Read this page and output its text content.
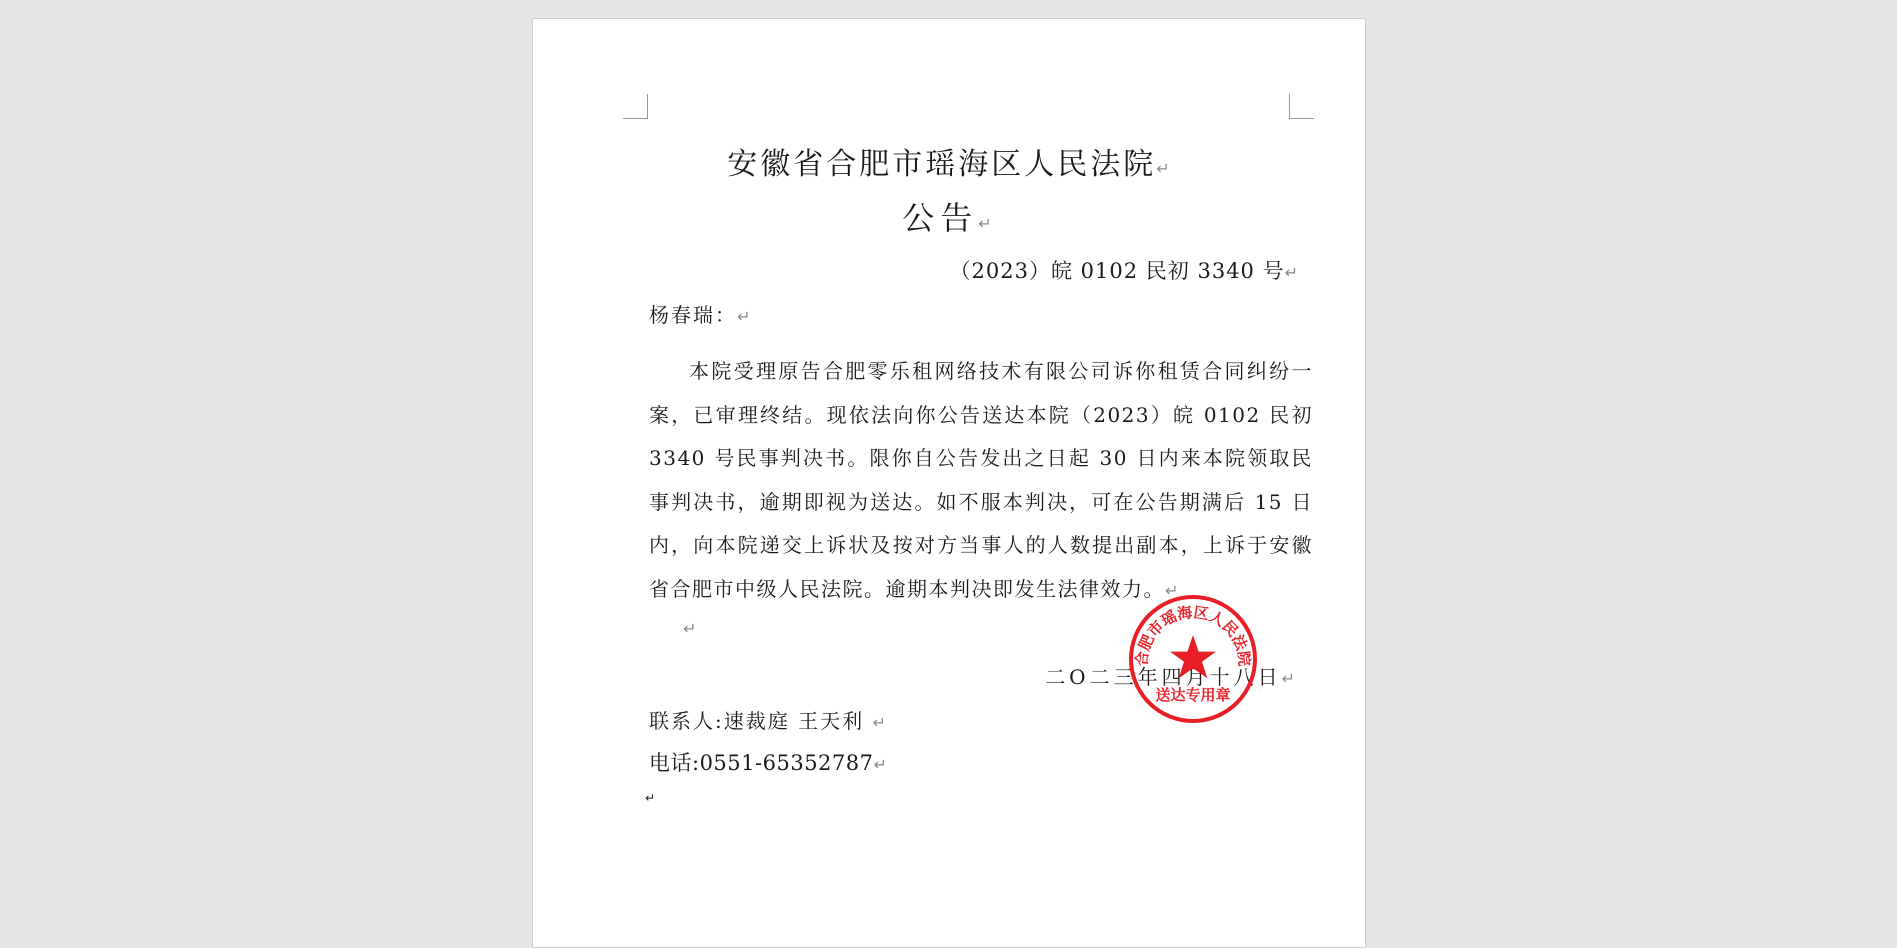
安徽省合肥市瑶海区人民法院↵
公告↵
（2023）皖 0102 民初 3340 号↵
杨春瑞：↵
本院受理原告合肥零乐租网络技术有限公司诉你租赁合同纠纷一案，已审理终结。现依法向你公告送达本院（2023）皖 0102 民初 3340 号民事判决书。限你自公告发出之日起 30 日内来本院领取民事判决书，逾期即视为送达。如不服本判决，可在公告期满后 15 日内，向本院递交上诉状及按对方当事人的人数提出副本，上诉于安徽省合肥市中级人民法院。逾期本判决即发生法律效力。↵
↵
二O二三年四月十八日↵
联系人:速裁庭 王天利 ↵
电话:0551-65352787↵
↵
合肥市瑶海区人民法院
送达专用章
